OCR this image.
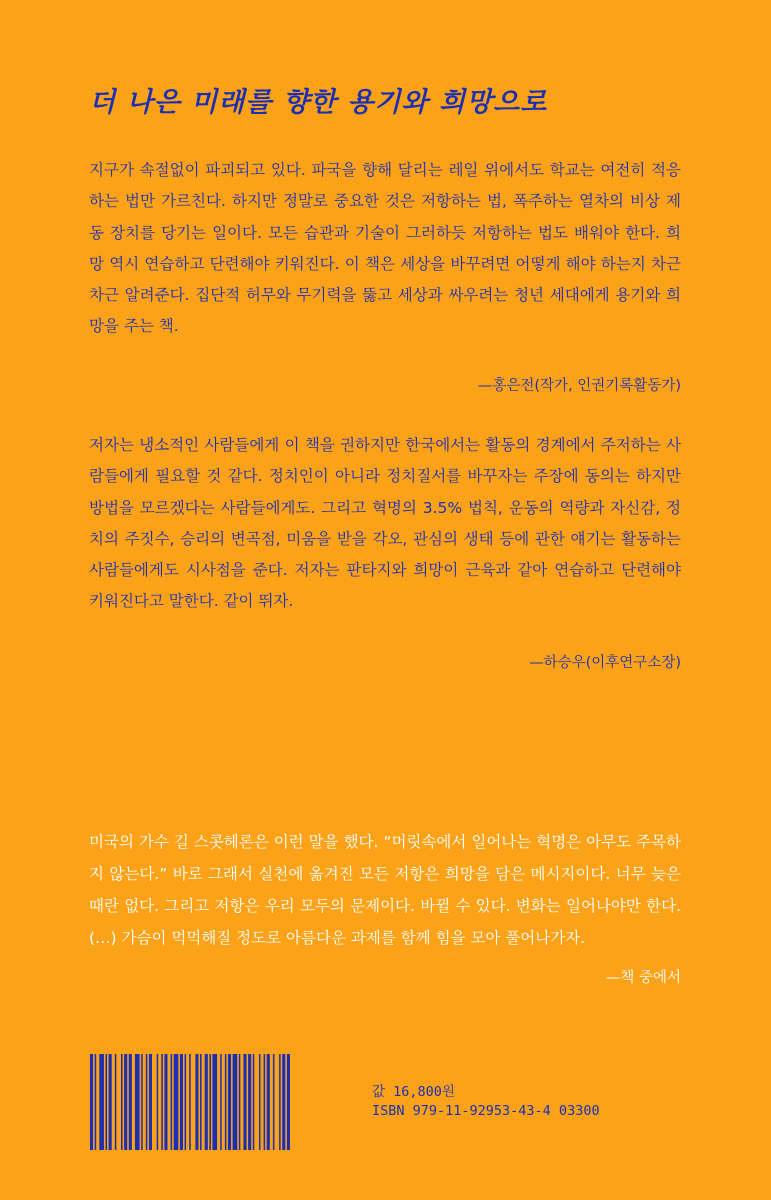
더 나은 미래를 향한 용기와 희망으로

지구가 속절없이 파괴되고 있다. 파국을 향해 달리는 레일 위에서도 학교는 여전히 적응하는 법만 가르친다. 하지만 정말로 중요한 것은 저항하는 법, 폭주하는 열차의 비상 제동 장치를 당기는 일이다. 모든 습관과 기술이 그러하듯 저항하는 법도 배워야 한다. 희망 역시 연습하고 단련해야 키워진다. 이 책은 세상을 바꾸려면 어떻게 해야 하는지 차근차근 알려준다. 집단적 허무와 무기력을 뚫고 세상과 싸우려는 청년 세대에게 용기와 희망을 주는 책.

—홍은전(작가, 인권기록활동가)

저자는 냉소적인 사람들에게 이 책을 권하지만 한국에서는 활동의 경계에서 주저하는 사람들에게 필요할 것 같다. 정치인이 아니라 정치질서를 바꾸자는 주장에 동의는 하지만 방법을 모르겠다는 사람들에게도. 그리고 혁명의 3.5% 법칙, 운동의 역량과 자신감, 정치의 주짓수, 승리의 변곡점, 미움을 받을 각오, 관심의 생태 등에 관한 얘기는 활동하는 사람들에게도 시사점을 준다. 저자는 판타지와 희망이 근육과 같아 연습하고 단련해야 키워진다고 말한다. 같이 뛰자.

—하승우(이후연구소장)

미국의 가수 길 스콧헤론은 이런 말을 했다. “머릿속에서 일어나는 혁명은 아무도 주목하지 않는다.” 바로 그래서 실천에 옮겨진 모든 저항은 희망을 담은 메시지이다. 너무 늦은 때란 없다. 그리고 저항은 우리 모두의 문제이다. 바뀔 수 있다. 변화는 일어나야만 한다. (…) 가슴이 먹먹해질 정도로 아름다운 과제를 함께 힘을 모아 풀어나가자.

—책 중에서

값 16,800원

ISBN 979-11-92953-43-4 03300
